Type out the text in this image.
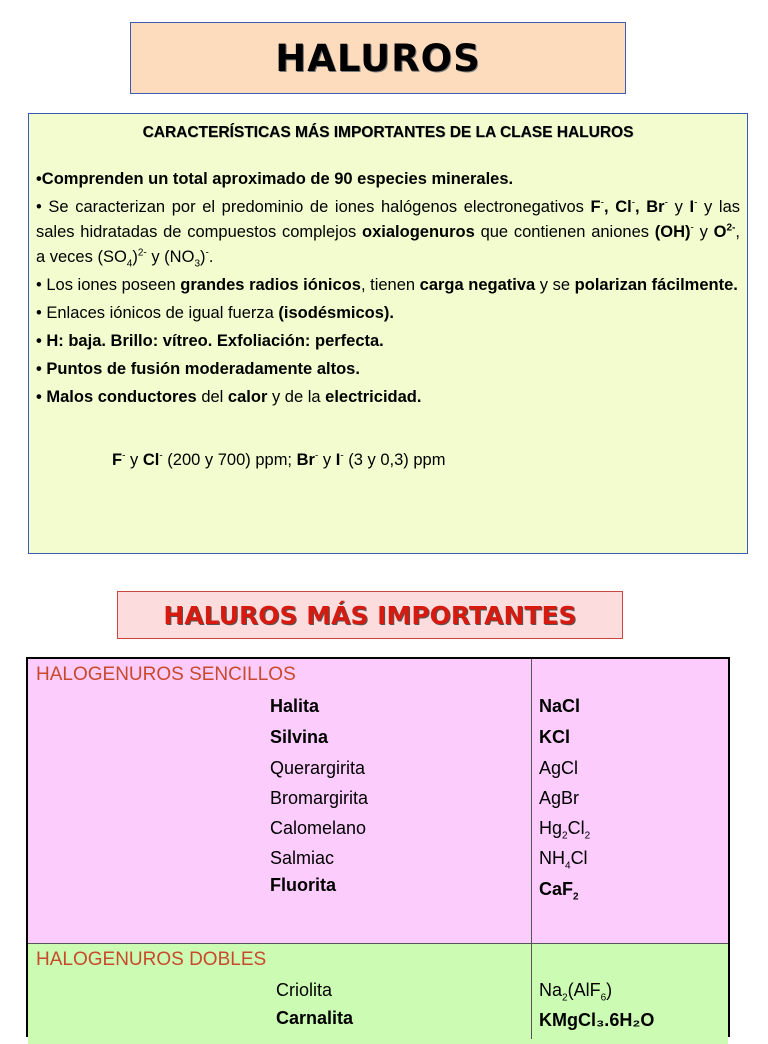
HALUROS
CARACTERÍSTICAS MÁS IMPORTANTES DE LA CLASE HALUROS

•Comprenden un total aproximado de 90 especies minerales.

• Se caracterizan por el predominio de iones halógenos electronegativos F-, Cl-, Br- y I- y las sales hidratadas de compuestos complejos oxialogenuros que contienen aniones (OH)- y $O^{2-}$, a veces $(SO_4)^{2-}$ y $(NO_3)^-$.

• Los iones poseen grandes radios iónicos, tienen carga negativa y se polarizan fácilmente.

• Enlaces iónicos de igual fuerza (isodésmicos).

• H: baja. Brillo: vítreo. Exfoliación: perfecta.

• Puntos de fusión moderadamente altos.

• Malos conductores del calor y de la electricidad.

F- y Cl- (200 y 700) ppm; Br- y I- (3 y 0,3) ppm

HALUROS MÁS IMPORTANTES
HALOGENUROS SENCILLOS
Halita	NaCl
Silvina	KCl
Querargirita	AgCl
Bromargirita	AgBr
Calomelano	$Hg_2Cl_2$
Salmiac	$NH_4Cl$
Fluorita	CaF$_2$
HALOGENUROS DOBLES
Criolita	$Na_2(AlF_6)$
Carnalita	KMgCl₃.6H₂O
